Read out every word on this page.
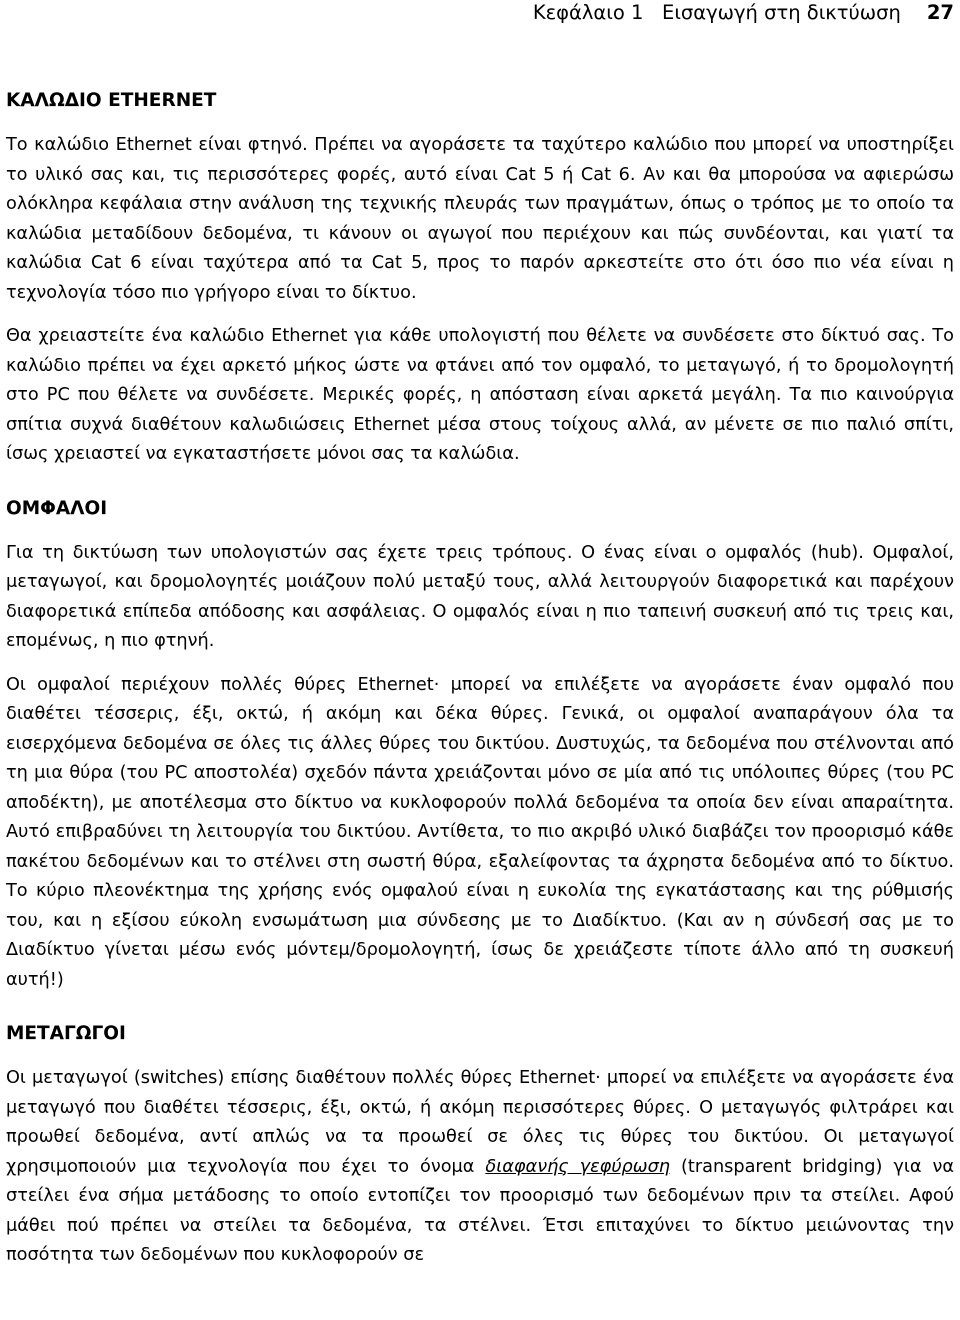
Κεφάλαιο 1   Εισαγωγή στη δικτύωση 27
ΚΑΛΩΔΙΟ ETHERNET

Το καλώδιο Ethernet είναι φτηνό. Πρέπει να αγοράσετε τα ταχύτερο καλώδιο που μπορεί να υποστηρίξει το υλικό σας και, τις περισσότερες φορές, αυτό είναι Cat 5 ή Cat 6. Αν και θα μπορούσα να αφιερώσω ολόκληρα κεφάλαια στην ανάλυση της τεχνικής πλευράς των πραγμάτων, όπως ο τρόπος με το οποίο τα καλώδια μεταδίδουν δεδομένα, τι κάνουν οι αγωγοί που περιέχουν και πώς συνδέονται, και γιατί τα καλώδια Cat 6 είναι ταχύτερα από τα Cat 5, προς το παρόν αρκεστείτε στο ότι όσο πιο νέα είναι η τεχνολογία τόσο πιο γρήγορο είναι το δίκτυο.

Θα χρειαστείτε ένα καλώδιο Ethernet για κάθε υπολογιστή που θέλετε να συνδέσετε στο δίκτυό σας. Το καλώδιο πρέπει να έχει αρκετό μήκος ώστε να φτάνει από τον ομφαλό, το μεταγωγό, ή το δρομολογητή στο PC που θέλετε να συνδέσετε. Μερικές φορές, η απόσταση είναι αρκετά μεγάλη. Τα πιο καινούργια σπίτια συχνά διαθέτουν καλωδιώσεις Ethernet μέσα στους τοίχους αλλά, αν μένετε σε πιο παλιό σπίτι, ίσως χρειαστεί να εγκαταστήσετε μόνοι σας τα καλώδια.

ΟΜΦΑΛΟΙ

Για τη δικτύωση των υπολογιστών σας έχετε τρεις τρόπους. Ο ένας είναι ο ομφαλός (hub). Ομφαλοί, μεταγωγοί, και δρομολογητές μοιάζουν πολύ μεταξύ τους, αλλά λειτουργούν διαφορετικά και παρέχουν διαφορετικά επίπεδα απόδοσης και ασφάλειας. Ο ομφαλός είναι η πιο ταπεινή συσκευή από τις τρεις και, επομένως, η πιο φτηνή.

Οι ομφαλοί περιέχουν πολλές θύρες Ethernet· μπορεί να επιλέξετε να αγοράσετε έναν ομφαλό που διαθέτει τέσσερις, έξι, οκτώ, ή ακόμη και δέκα θύρες. Γενικά, οι ομφαλοί αναπαράγουν όλα τα εισερχόμενα δεδομένα σε όλες τις άλλες θύρες του δικτύου. Δυστυχώς, τα δεδομένα που στέλνονται από τη μια θύρα (του PC αποστολέα) σχεδόν πάντα χρειάζονται μόνο σε μία από τις υπόλοιπες θύρες (του PC αποδέκτη), με αποτέλεσμα στο δίκτυο να κυκλοφορούν πολλά δεδομένα τα οποία δεν είναι απαραίτητα. Αυτό επιβραδύνει τη λειτουργία του δικτύου. Αντίθετα, το πιο ακριβό υλικό διαβάζει τον προορισμό κάθε πακέτου δεδομένων και το στέλνει στη σωστή θύρα, εξαλείφοντας τα άχρηστα δεδομένα από το δίκτυο. Το κύριο πλεονέκτημα της χρήσης ενός ομφαλού είναι η ευκολία της εγκατάστασης και της ρύθμισής του, και η εξίσου εύκολη ενσωμάτωση μια σύνδεσης με το Διαδίκτυο. (Και αν η σύνδεσή σας με το Διαδίκτυο γίνεται μέσω ενός μόντεμ/δρομολογητή, ίσως δε χρειάζεστε τίποτε άλλο από τη συσκευή αυτή!)

ΜΕΤΑΓΩΓΟΙ

Οι μεταγωγοί (switches) επίσης διαθέτουν πολλές θύρες Ethernet· μπορεί να επιλέξετε να αγοράσετε ένα μεταγωγό που διαθέτει τέσσερις, έξι, οκτώ, ή ακόμη περισσότερες θύρες. Ο μεταγωγός φιλτράρει και προωθεί δεδομένα, αντί απλώς να τα προωθεί σε όλες τις θύρες του δικτύου. Οι μεταγωγοί χρησιμοποιούν μια τεχνολογία που έχει το όνομα διαφανής γεφύρωση (transparent bridging) για να στείλει ένα σήμα μετάδοσης το οποίο εντοπίζει τον προορισμό των δεδομένων πριν τα στείλει. Αφού μάθει πού πρέπει να στείλει τα δεδομένα, τα στέλνει. Έτσι επιταχύνει το δίκτυο μειώνοντας την ποσότητα των δεδομένων που κυκλοφορούν σε
